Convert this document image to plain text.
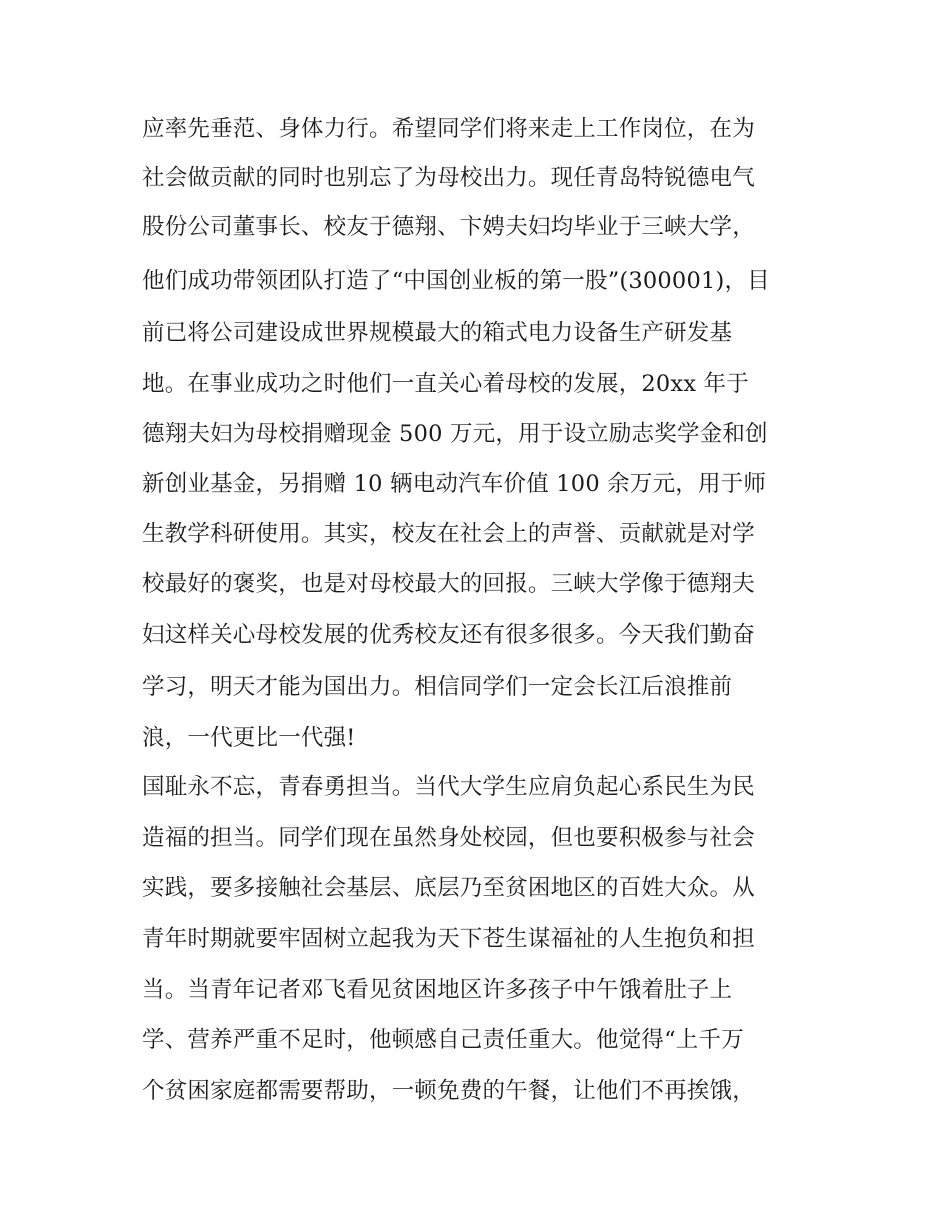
应率先垂范、身体力行。希望同学们将来走上工作岗位，在为
社会做贡献的同时也别忘了为母校出力。现任青岛特锐德电气
股份公司董事长、校友于德翔、卞娉夫妇均毕业于三峡大学，
他们成功带领团队打造了“中国创业板的第一股”(300001)，目
前已将公司建设成世界规模最大的箱式电力设备生产研发基
地。在事业成功之时他们一直关心着母校的发展，20xx 年于
德翔夫妇为母校捐赠现金 500 万元，用于设立励志奖学金和创
新创业基金，另捐赠 10 辆电动汽车价值 100 余万元，用于师
生教学科研使用。其实，校友在社会上的声誉、贡献就是对学
校最好的褒奖，也是对母校最大的回报。三峡大学像于德翔夫
妇这样关心母校发展的优秀校友还有很多很多。今天我们勤奋
学习，明天才能为国出力。相信同学们一定会长江后浪推前
浪，一代更比一代强!
国耻永不忘，青春勇担当。当代大学生应肩负起心系民生为民
造福的担当。同学们现在虽然身处校园，但也要积极参与社会
实践，要多接触社会基层、底层乃至贫困地区的百姓大众。从
青年时期就要牢固树立起我为天下苍生谋福祉的人生抱负和担
当。当青年记者邓飞看见贫困地区许多孩子中午饿着肚子上
学、营养严重不足时，他顿感自己责任重大。他觉得“上千万
个贫困家庭都需要帮助，一顿免费的午餐，让他们不再挨饿，
